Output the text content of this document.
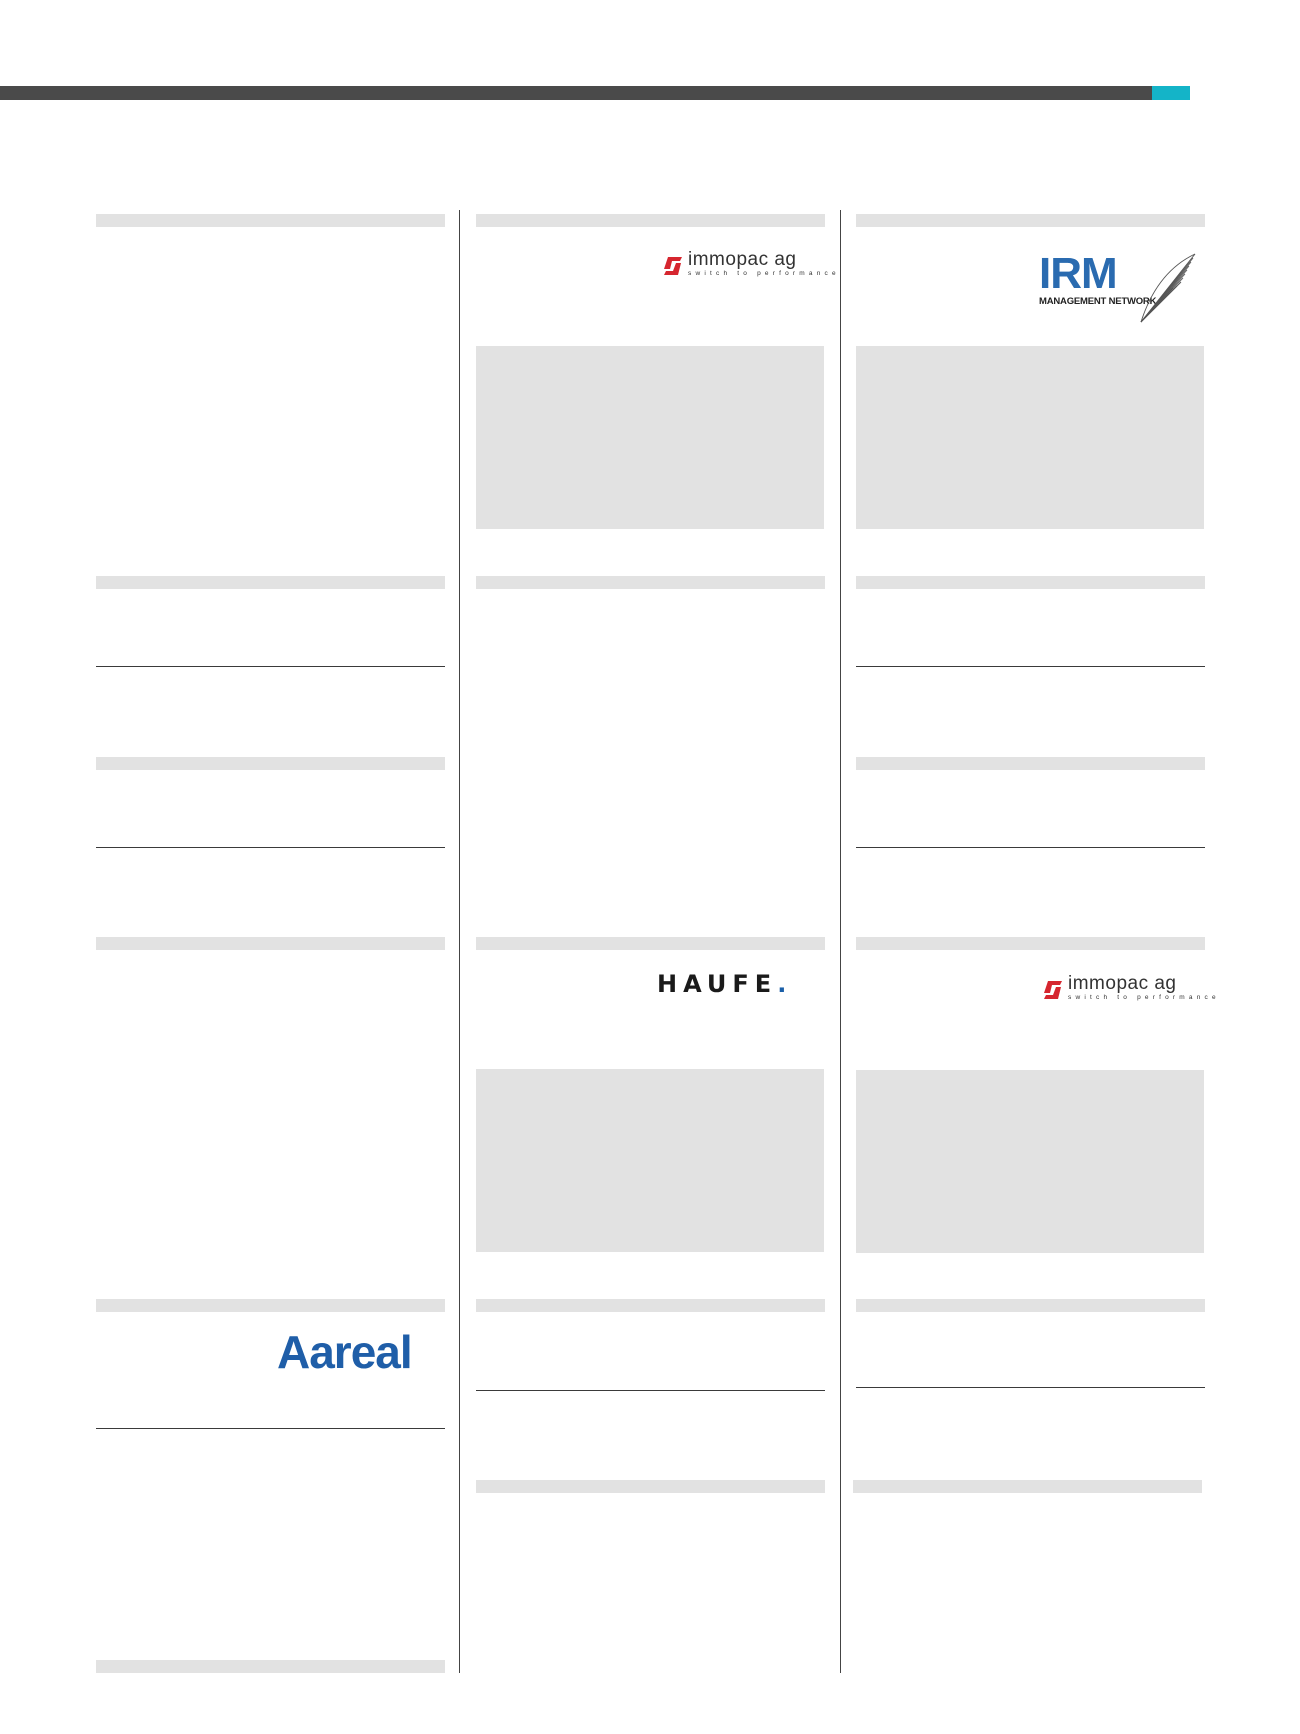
Aareal
immopac ag
switch to performance
HAUFE.
IRM
MANAGEMENT NETWORK
immopac ag
switch to performance
